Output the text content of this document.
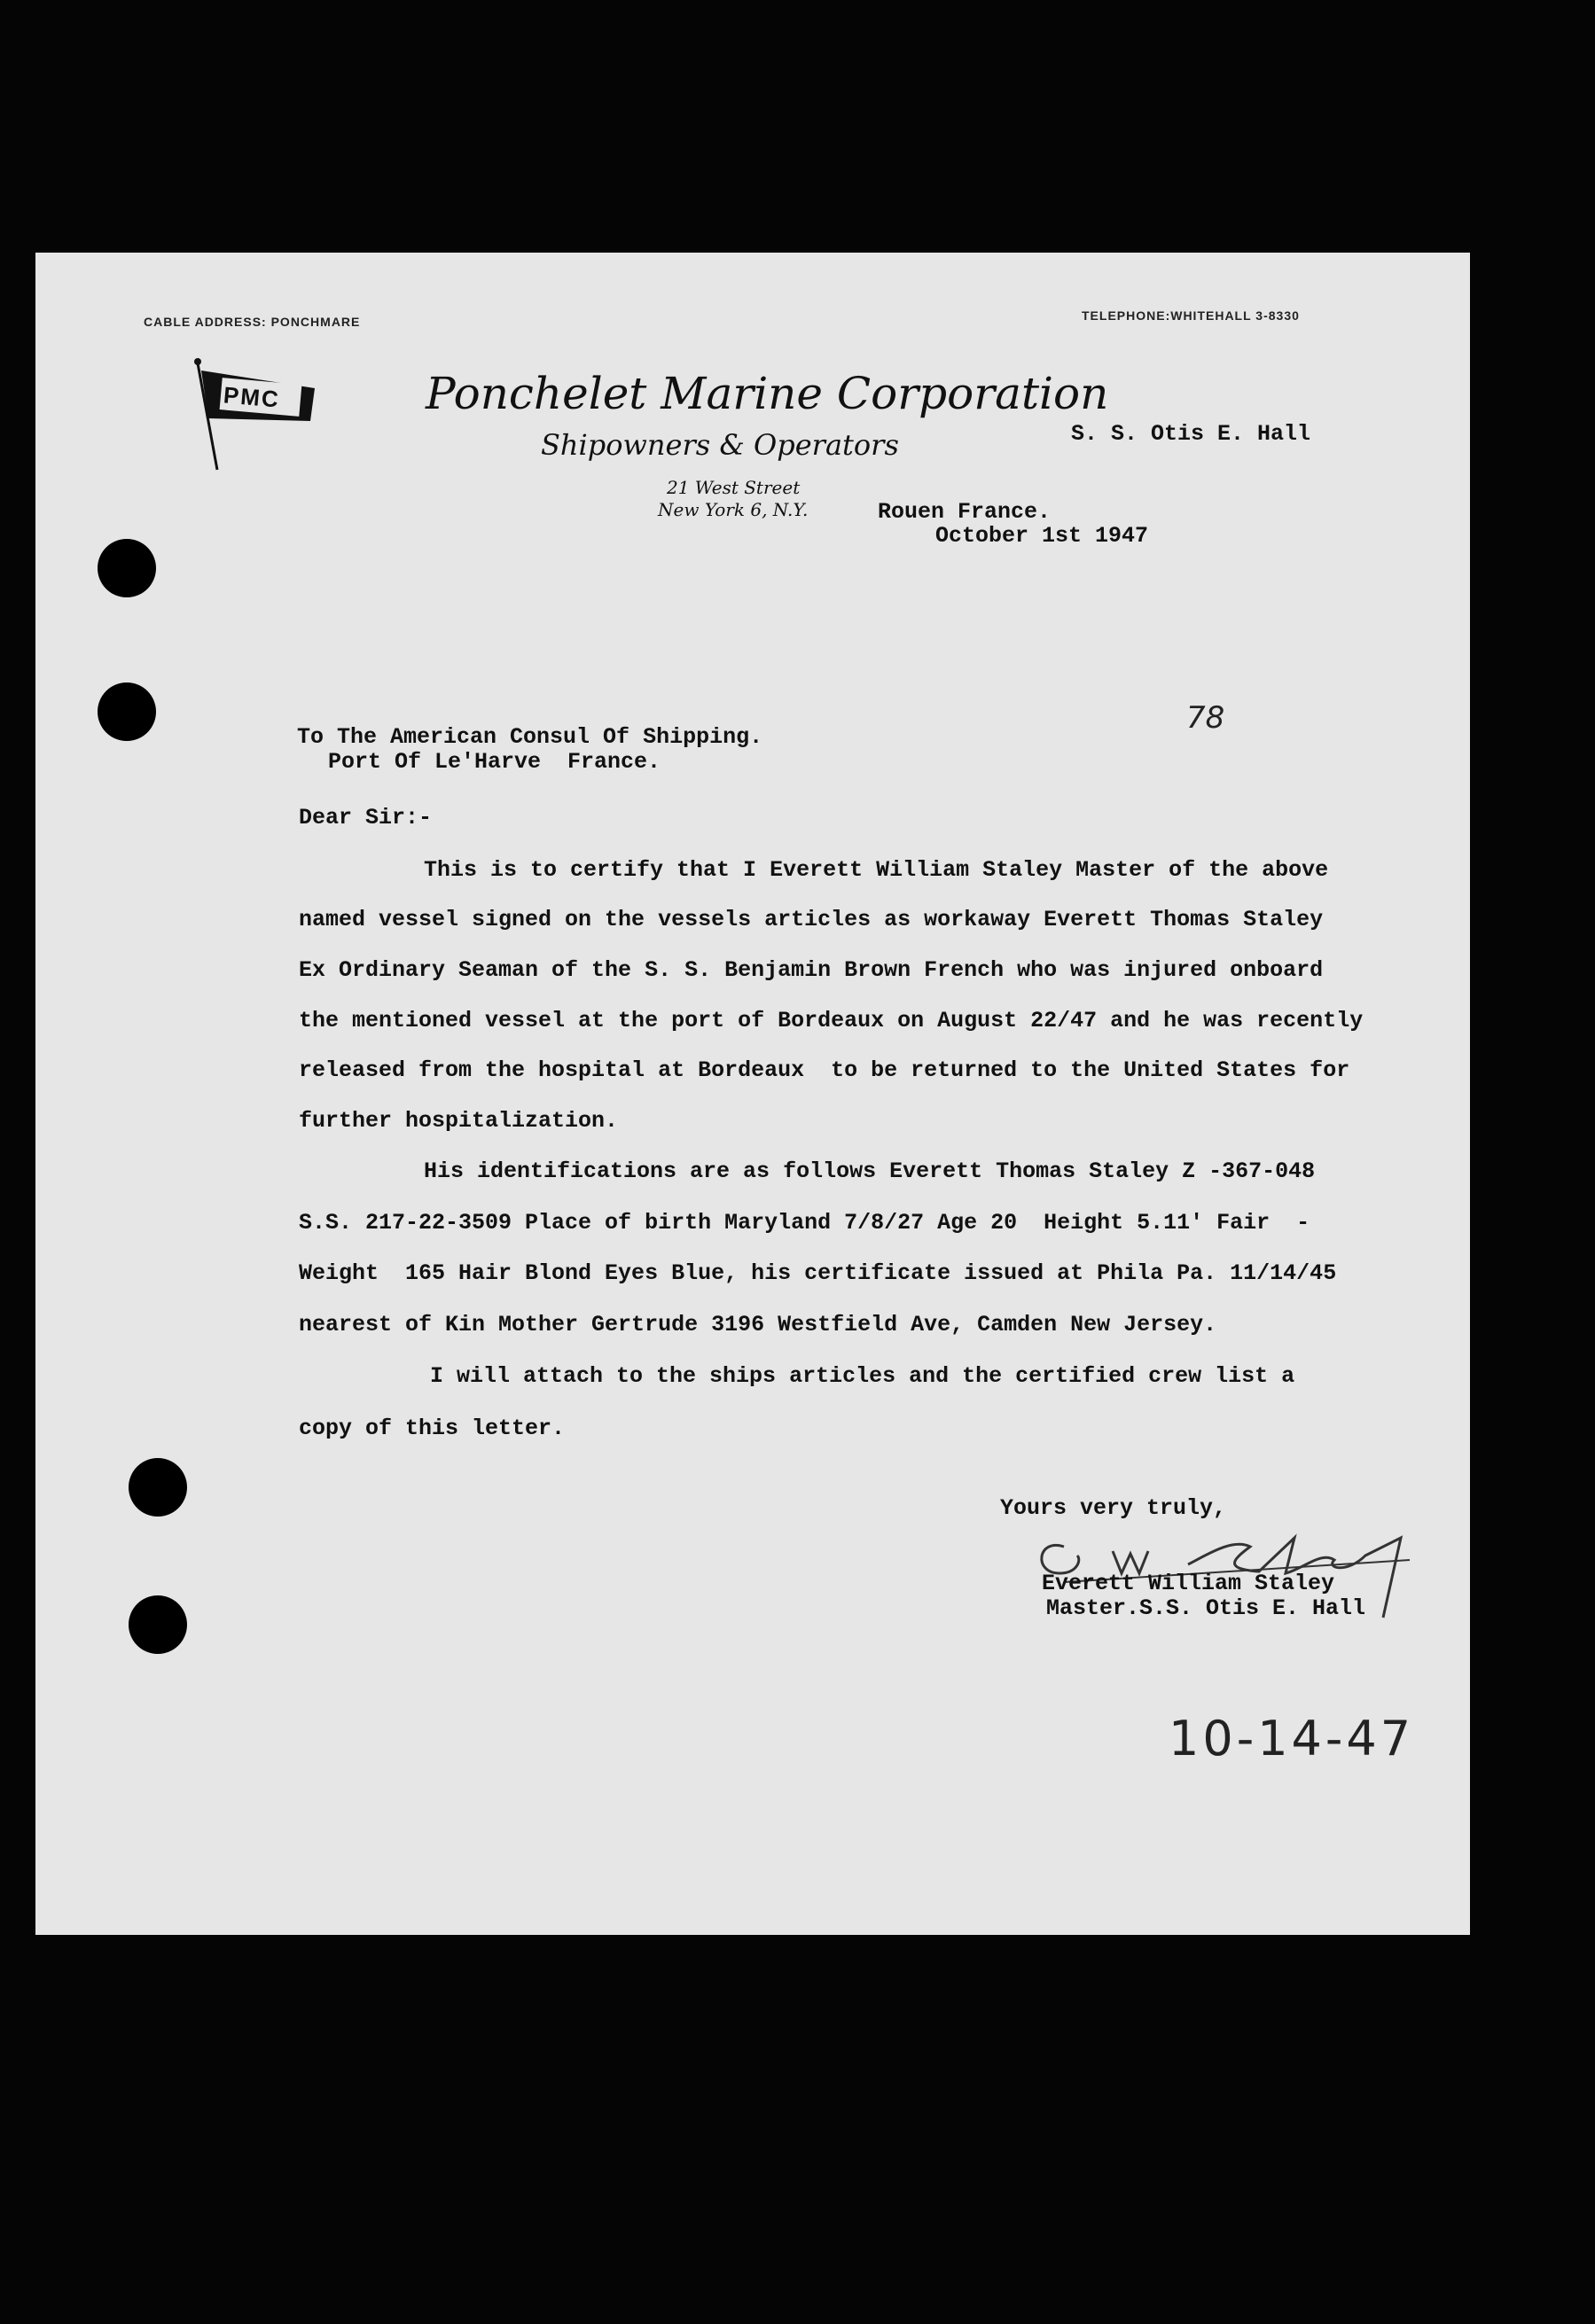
CABLE ADDRESS: PONCHMARE	TELEPHONE:WHITEHALL 3-8330
PMC	Ponchelet Marine Corporation
Shipowners & Operators
21 West Street
New York 6, N.Y.
S. S. Otis E. Hall
Rouen France.
October 1st 1947
78
To The American Consul Of Shipping.
Port Of Le'Harve  France.
Dear Sir:-
This is to certify that I Everett William Staley Master of the above
named vessel signed on the vessels articles as workaway Everett Thomas Staley
Ex Ordinary Seaman of the S. S. Benjamin Brown French who was injured onboard
the mentioned vessel at the port of Bordeaux on August 22/47 and he was recently
released from the hospital at Bordeaux  to be returned to the United States for
further hospitalization.
His identifications are as follows Everett Thomas Staley Z -367-048
S.S. 217-22-3509 Place of birth Maryland 7/8/27 Age 20  Height 5.11' Fair  -
Weight  165 Hair Blond Eyes Blue, his certificate issued at Phila Pa. 11/14/45
nearest of Kin Mother Gertrude 3196 Westfield Ave, Camden New Jersey.
I will attach to the ships articles and the certified crew list a
copy of this letter.
Yours very truly,
Everett William Staley
Master.S.S. Otis E. Hall
10-14-47
